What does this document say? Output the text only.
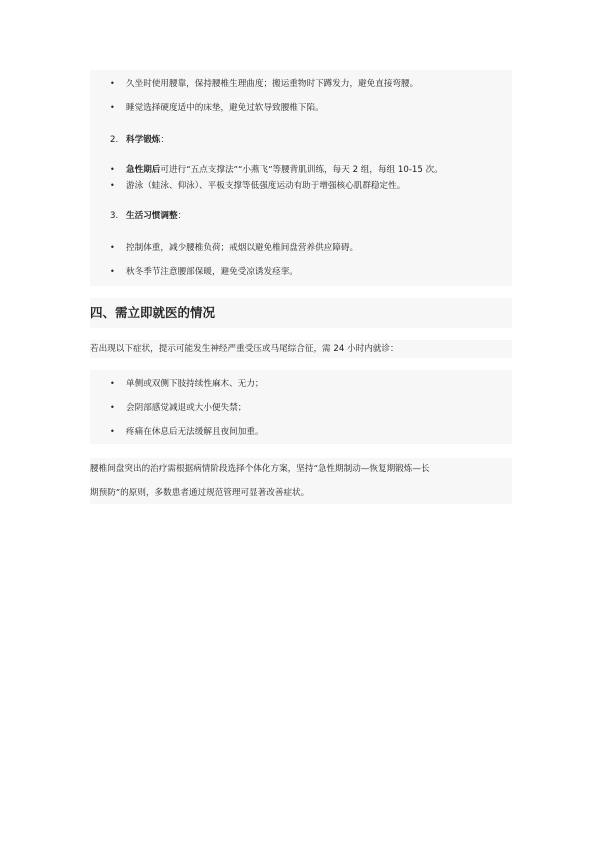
• 久坐时使用腰靠，保持腰椎生理曲度；搬运重物时下蹲发力，避免直接弯腰。
• 睡觉选择硬度适中的床垫，避免过软导致腰椎下陷。
2. 科学锻炼：
• 急性期后可进行“五点支撑法”“小燕飞”等腰背肌训练，每天 2 组，每组 10-15 次。
• 游泳（蛙泳、仰泳）、平板支撑等低强度运动有助于增强核心肌群稳定性。
3. 生活习惯调整：
• 控制体重，减少腰椎负荷；戒烟以避免椎间盘营养供应障碍。
• 秋冬季节注意腰部保暖，避免受凉诱发痉挛。
四、需立即就医的情况
若出现以下症状，提示可能发生神经严重受压或马尾综合征，需 24 小时内就诊：
• 单侧或双侧下肢持续性麻木、无力；
• 会阴部感觉减退或大小便失禁；
• 疼痛在休息后无法缓解且夜间加重。
腰椎间盘突出的治疗需根据病情阶段选择个体化方案，坚持“急性期制动—恢复期锻炼—长
期预防”的原则，多数患者通过规范管理可显著改善症状。
